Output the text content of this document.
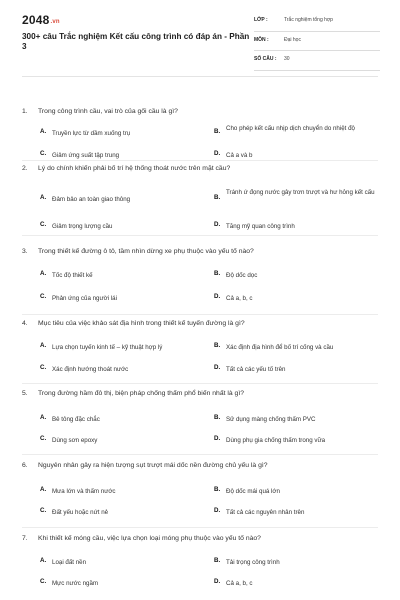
2048.vn
300+ câu Trắc nghiệm Kết cấu công trình có đáp án - Phần 3
LỚP :	Trắc nghiệm tổng hợp
MÔN :	Đại học
SỐ CÂU : 30
1. Trong công trình cầu, vai trò của gối cầu là gì?
A. Truyền lực từ dầm xuống trụ	B. Cho phép kết cấu nhịp dịch chuyển do nhiệt độ
C. Giảm ứng suất tập trung	D. Cả a và b
2. Lý do chính khiến phải bố trí hệ thống thoát nước trên mặt cầu?
A. Đảm bảo an toàn giao thông	B.
Tránh ứ đọng nước gây trơn trượt và hư hỏng kết cấu
C. Giảm trọng lượng cầu	D. Tăng mỹ quan công trình
3. Trong thiết kế đường ô tô, tầm nhìn dừng xe phụ thuộc vào yếu tố nào?
A. Tốc độ thiết kế	B. Độ dốc dọc
C. Phản ứng của người lái	D. Cả a, b, c
4. Mục tiêu của việc khảo sát địa hình trong thiết kế tuyến đường là gì?
A. Lựa chọn tuyến kinh tế – kỹ thuật hợp lý	B. Xác định địa hình để bố trí cống và cầu
C. Xác định hướng thoát nước	D. Tất cả các yếu tố trên
5. Trong đường hầm đô thị, biện pháp chống thấm phổ biến nhất là gì?
A. Bê tông đặc chắc	B. Sử dụng màng chống thấm PVC
C. Dùng sơn epoxy	D. Dùng phụ gia chống thấm trong vữa
6. Nguyên nhân gây ra hiện tượng sụt trượt mái dốc nền đường chủ yếu là gì?
A. Mưa lớn và thấm nước	B. Độ dốc mái quá lớn
C. Đất yếu hoặc nứt nẻ	D. Tất cả các nguyên nhân trên
7. Khi thiết kế móng cầu, việc lựa chọn loại móng phụ thuộc vào yếu tố nào?
A. Loại đất nền	B. Tải trọng công trình
C. Mực nước ngầm	D. Cả a, b, c
